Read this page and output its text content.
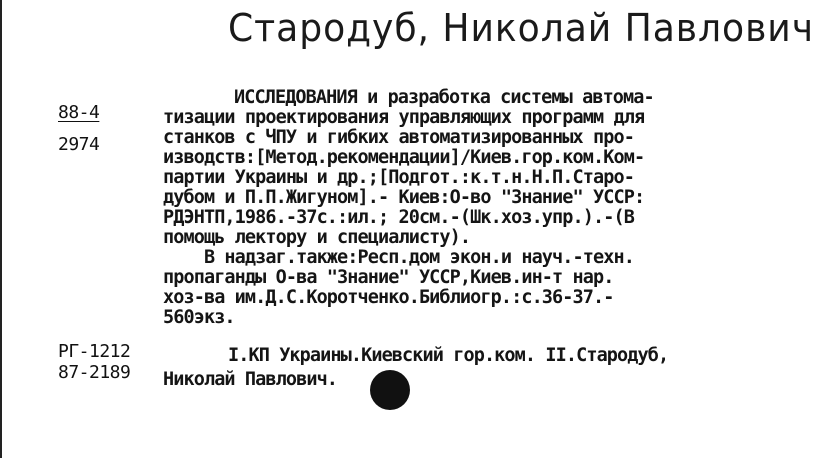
Стародуб, Николай Павлович
88-4
2974
ИССЛЕДОВАНИЯ и разработка системы автома-
тизации проектирования управляющих программ для
станков с ЧПУ и гибких автоматизированных про-
изводств:[Метод.рекомендации]/Киев.гор.ком.Ком-
партии Украины и др.;[Подгот.:к.т.н.Н.П.Старо-
дубом и П.П.Жигуном].- Киев:О-во "Знание" УССР:
РДЭНТП,1986.-37с.:ил.; 20см.-(Шк.хоз.упр.).-(В
помощь лектору и специалисту).
В надзаг.также:Респ.дом экон.и науч.-техн.
пропаганды О-ва "Знание" УССР,Киев.ин-т нар.
хоз-ва им.Д.С.Коротченко.Библиогр.:с.36-37.-
560экз.
РГ-1212
87-2189
I.КП Украины.Киевский гор.ком. II.Стародуб,
Николай Павлович.
